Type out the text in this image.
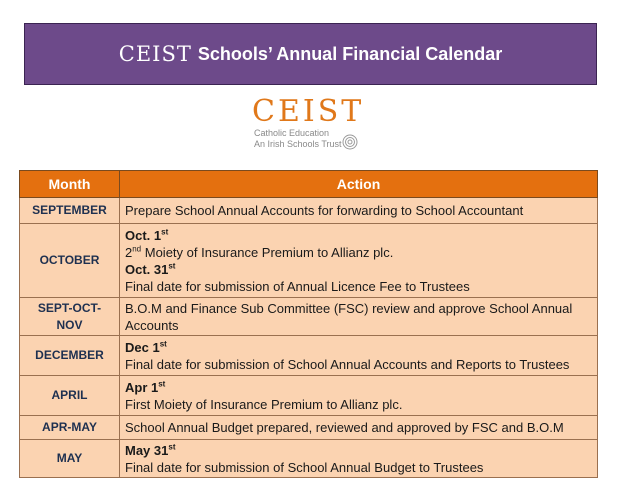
CEIST Schools’ Annual Financial Calendar
CEIST
Catholic Education
An Irish Schools Trust
Month	Action
SEPTEMBER	Prepare School Annual Accounts for forwarding to School Accountant
OCTOBER	Oct. 1st
2nd Moiety of Insurance Premium to Allianz plc.
Oct. 31st
Final date for submission of Annual Licence Fee to Trustees

SEPT-OCT-
NOV	B.O.M and Finance Sub Committee (FSC) review and approve School Annual Accounts
DECEMBER	Dec 1st
Final date for submission of School Annual Accounts and Reports to Trustees

APRIL	Apr 1st
First Moiety of Insurance Premium to Allianz plc.

APR-MAY	School Annual Budget prepared, reviewed and approved by FSC and B.O.M
MAY	May 31st
Final date for submission of School Annual Budget to Trustees
